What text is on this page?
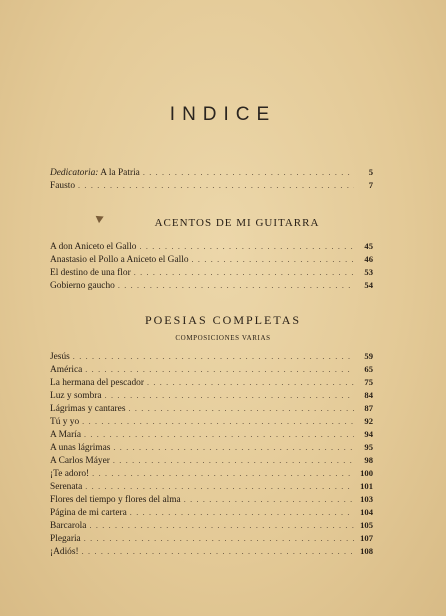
INDICE
Dedicatoria: A la Patria . . .	5
Fausto . . .	7
ACENTOS DE MI GUITARRA
A don Aniceto el Gallo . . .	45
Anastasio el Pollo a Aniceto el Gallo . . .	46
El destino de una flor . . .	53
Gobierno gaucho . . .	54
POESIAS COMPLETAS
COMPOSICIONES VARIAS
Jesús . . .	59
América . . .	65
La hermana del pescador . . .	75
Luz y sombra . . .	84
Lágrimas y cantares . . .	87
Tú y yo . . .	92
A María . . .	94
A unas lágrimas . . .	95
A Carlos Máyer . . .	98
¡Te adoro! . . .	100
Serenata . . .	101
Flores del tiempo y flores del alma . . .	103
Página de mi cartera . . .	104
Barcarola . . .	105
Plegaria . . .	107
¡Adiós! . . .	108
